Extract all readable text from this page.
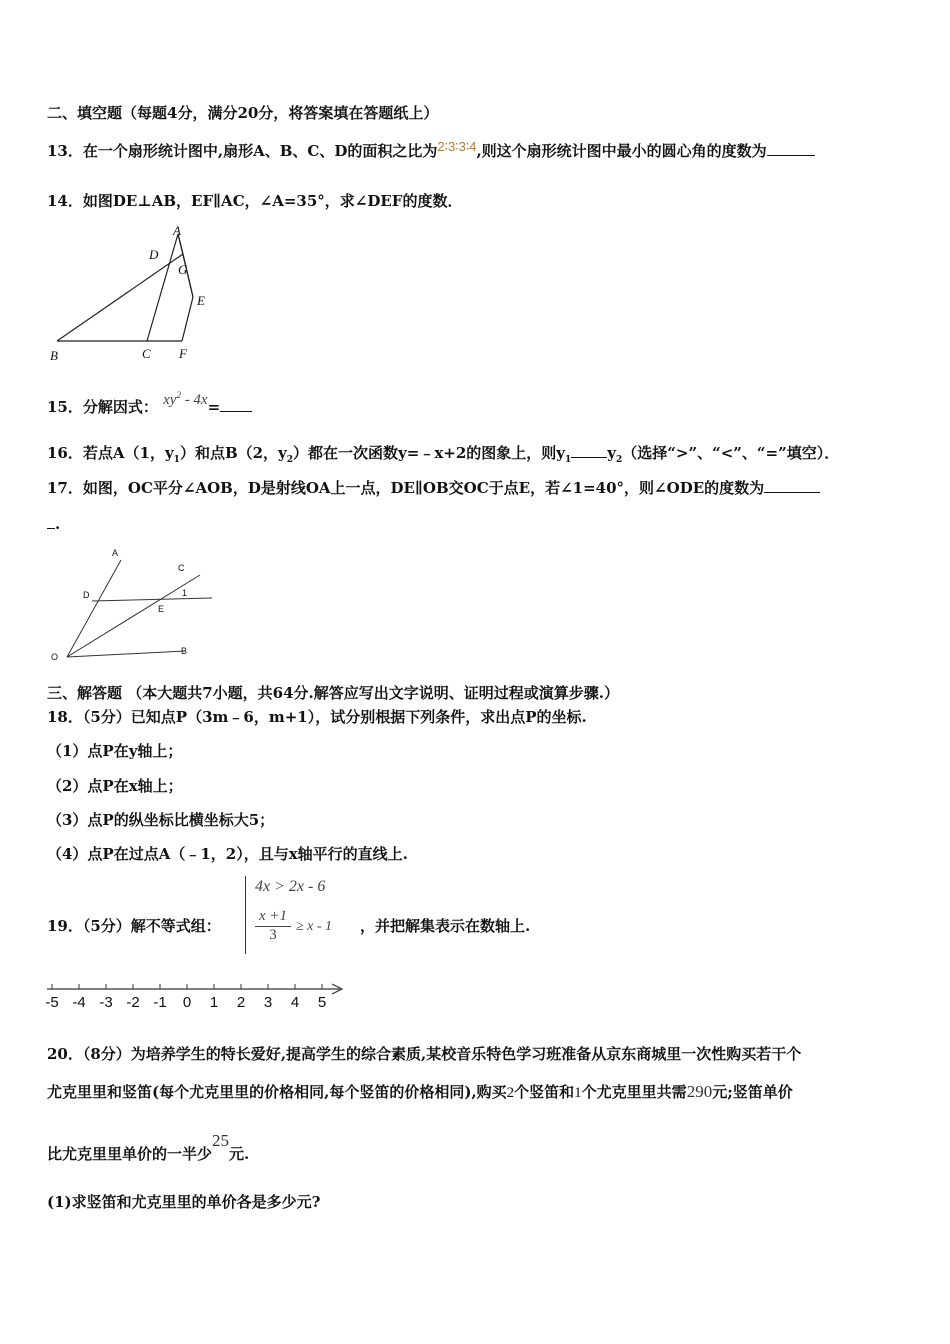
二、填空题（每题4分，满分20分，将答案填在答题纸上）
13．在一个扇形统计图中,扇形A、B、C、D的面积之比为2∶3∶3∶4,则这个扇形统计图中最小的圆心角的度数为
14．如图DE⊥AB，EF∥AC，∠A=35°，求∠DEF的度数．
A
D
G
E
B	C F
15．分解因式： $xy^2 - 4x=$
16．若点A（1，$y_1$）和点B（2，$y_2$）都在一次函数y=﹣x+2的图象上，则$y_1$ $y_2$（选择“>”、“<”、“=”填空）．
17．如图，OC平分∠AOB，D是射线OA上一点，DE∥OB交OC于点E，若∠1=40°，则∠ODE的度数为
.
A
C
D	1
E
O
B
三、解答题 （本大题共7小题，共64分.解答应写出文字说明、证明过程或演算步骤.）
18．（5分）已知点P（3m﹣6，m+1），试分别根据下列条件，求出点P的坐标.
（1）点P在y轴上；
（2）点P在x轴上；
（3）点P的纵坐标比横坐标大5；
（4）点P在过点A（﹣1，2），且与x轴平行的直线上.
19．（5分）解不等式组：
4x > 2x - 6
x +1
3
≥ x - 1 ，并把解集表示在数轴上.
-5 -4 -3 -2 -1 0 1 2 3 4 5
20．（8分）为培养学生的特长爱好,提高学生的综合素质,某校音乐特色学习班准备从京东商城里一次性购买若干个
尤克里里和竖笛(每个尤克里里的价格相同,每个竖笛的价格相同),购买2个竖笛和1个尤克里里共需290元;竖笛单价
比尤克里里单价的一半少25元.
(1)求竖笛和尤克里里的单价各是多少元?
